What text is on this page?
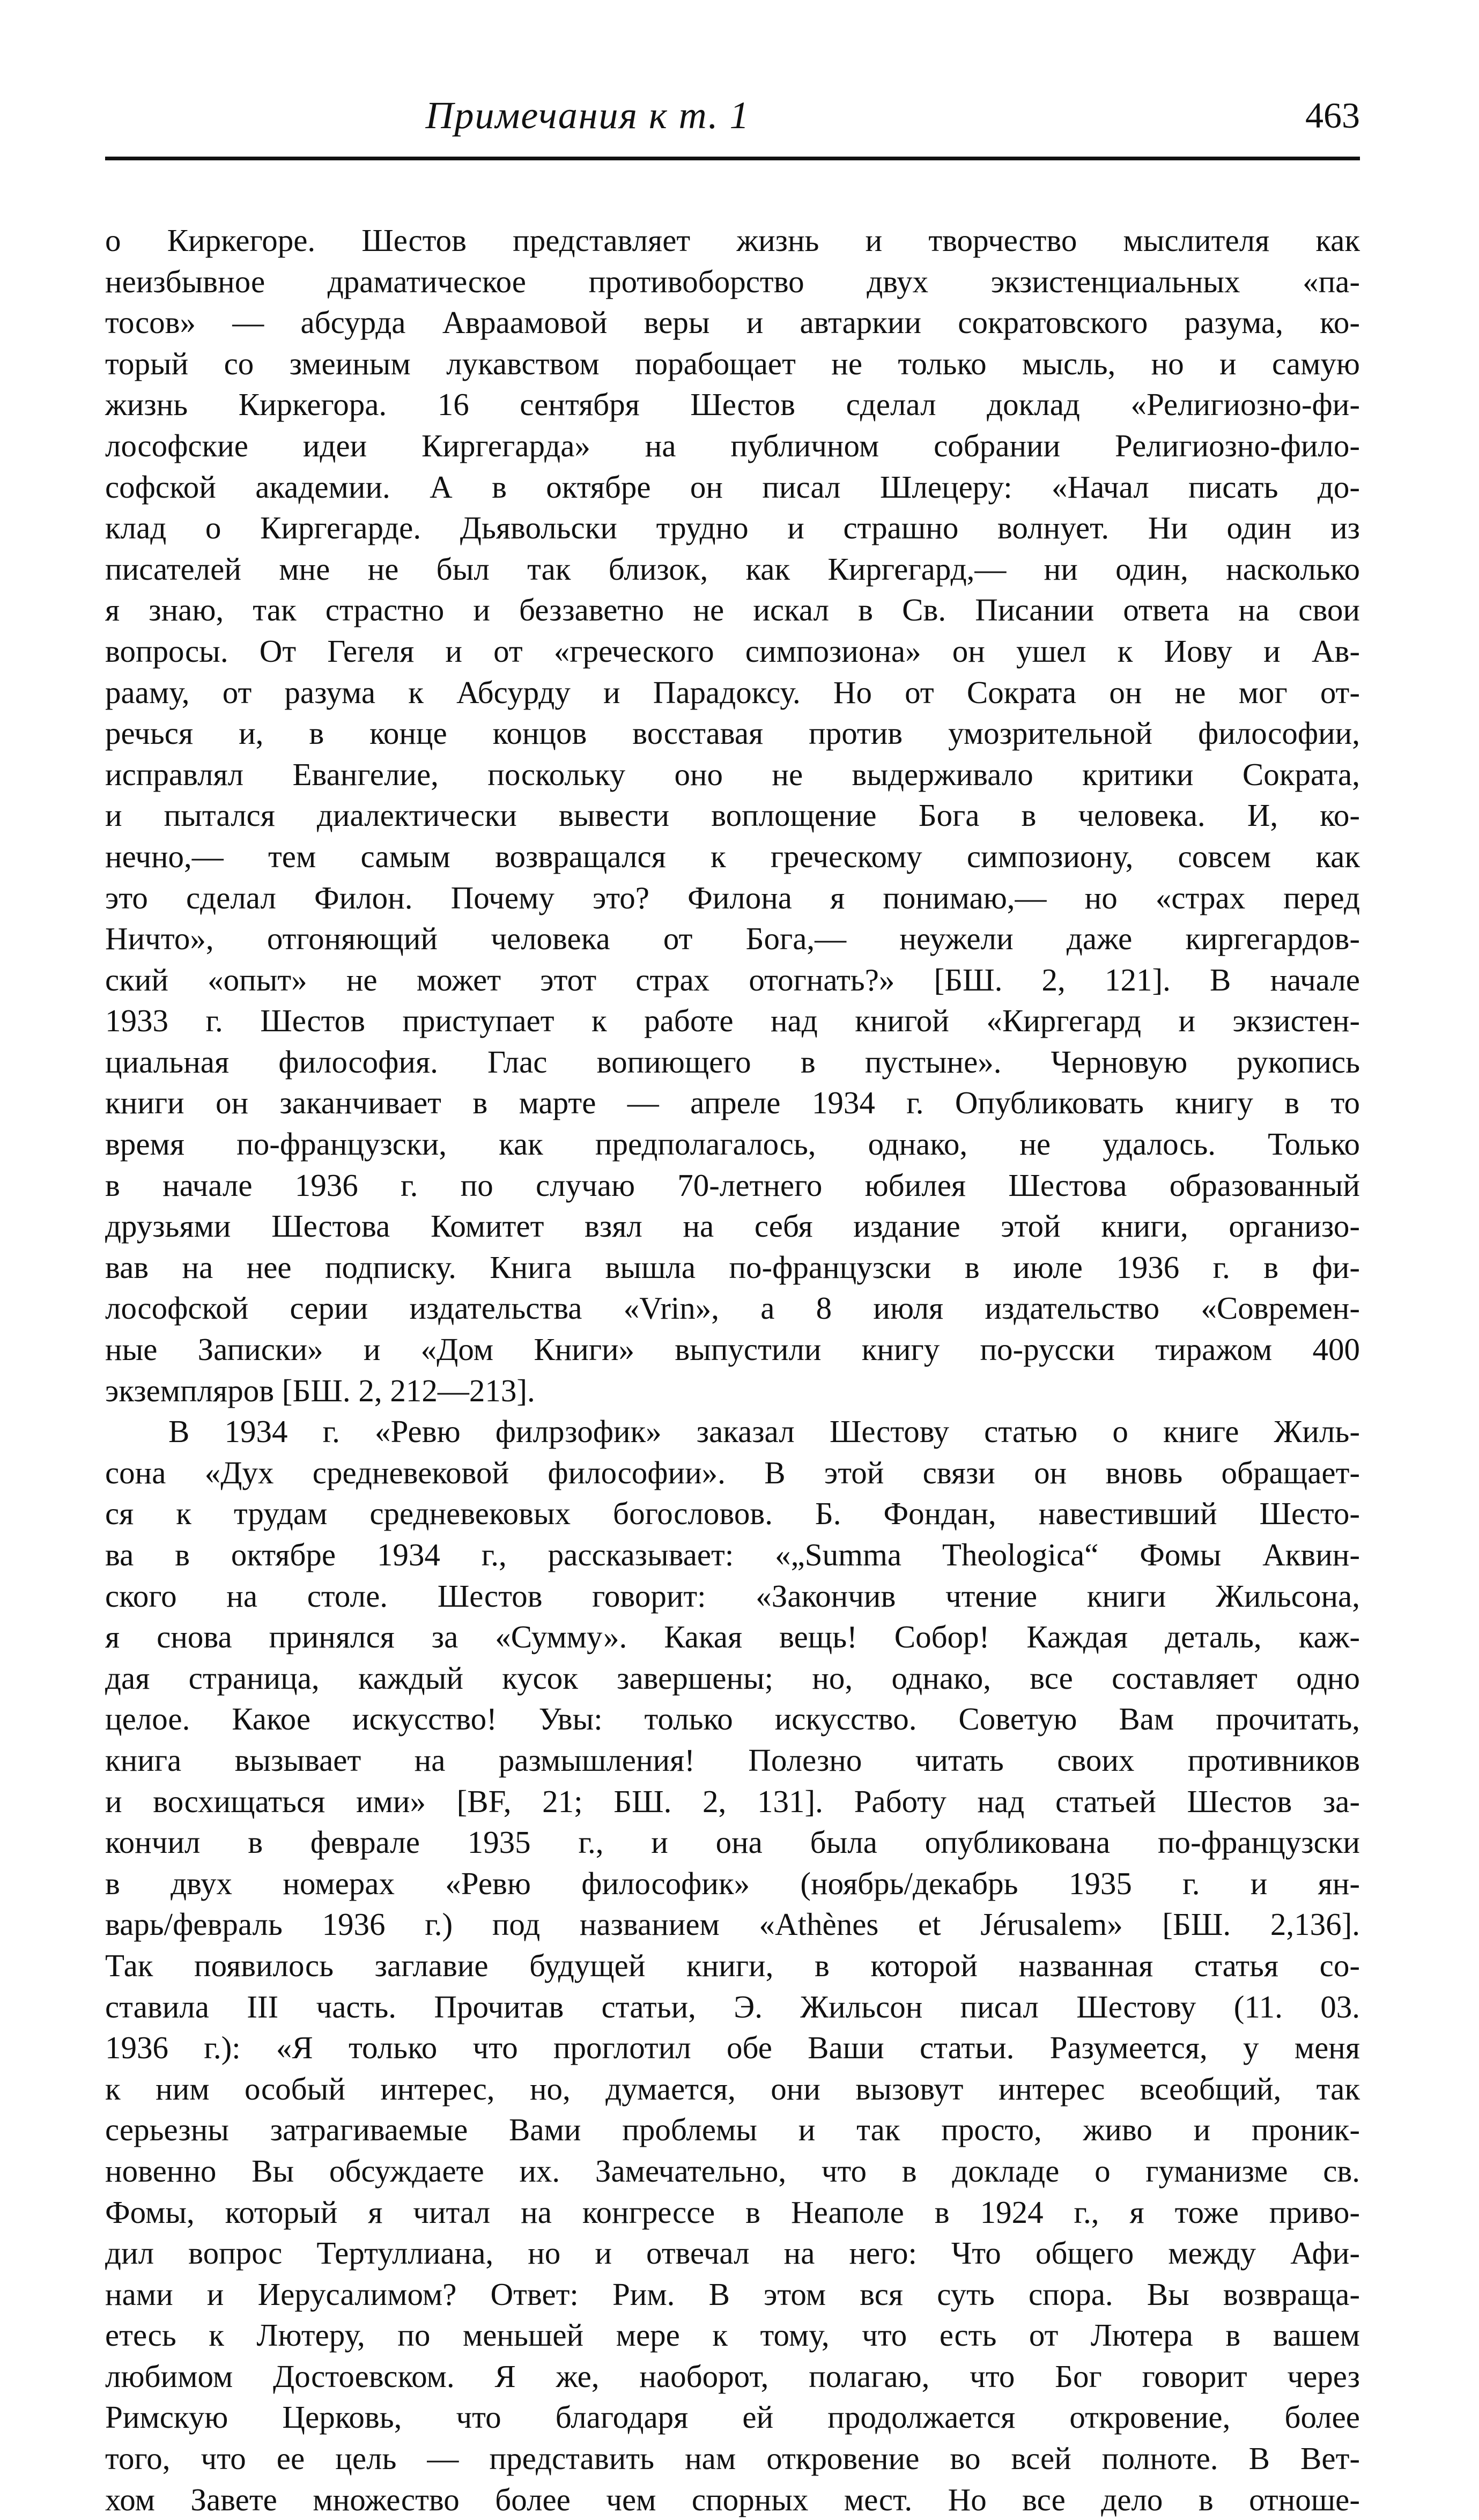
Примечания к т. 1	463
о Киркегоре. Шестов представляет жизнь и творчество мыслителя как
неизбывное драматическое противоборство двух экзистенциальных «па-
тосов» — абсурда Авраамовой веры и автаркии сократовского разума, ко-
торый со змеиным лукавством порабощает не только мысль, но и самую
жизнь Киркегора. 16 сентября Шестов сделал доклад «Религиозно-фи-
лософские идеи Киргегарда» на публичном собрании Религиозно-фило-
софской академии. А в октябре он писал Шлецеру: «Начал писать до-
клад о Киргегарде. Дьявольски трудно и страшно волнует. Ни один из
писателей мне не был так близок, как Киргегард,— ни один, насколько
я знаю, так страстно и беззаветно не искал в Св. Писании ответа на свои
вопросы. От Гегеля и от «греческого симпозиона» он ушел к Иову и Ав-
рааму, от разума к Абсурду и Парадоксу. Но от Сократа он не мог от-
речься и, в конце концов восставая против умозрительной философии,
исправлял Евангелие, поскольку оно не выдерживало критики Сократа,
и пытался диалектически вывести воплощение Бога в человека. И, ко-
нечно,— тем самым возвращался к греческому симпозиону, совсем как
это сделал Филон. Почему это? Филона я понимаю,— но «страх перед
Ничто», отгоняющий человека от Бога,— неужели даже киргегардов-
ский «опыт» не может этот страх отогнать?» [БШ. 2, 121]. В начале
1933 г. Шестов приступает к работе над книгой «Киргегард и экзистен-
циальная философия. Глас вопиющего в пустыне». Черновую рукопись
книги он заканчивает в марте — апреле 1934 г. Опубликовать книгу в то
время по-французски, как предполагалось, однако, не удалось. Только
в начале 1936 г. по случаю 70-летнего юбилея Шестова образованный
друзьями Шестова Комитет взял на себя издание этой книги, организо-
вав на нее подписку. Книга вышла по-французски в июле 1936 г. в фи-
лософской серии издательства «Vrin», а 8 июля издательство «Современ-
ные Записки» и «Дом Книги» выпустили книгу по-русски тиражом 400
экземпляров [БШ. 2, 212—213].
В 1934 г. «Ревю филрзофик» заказал Шестову статью о книге Жиль-
сона «Дух средневековой философии». В этой связи он вновь обращает-
ся к трудам средневековых богословов. Б. Фондан, навестивший Шесто-
ва в октябре 1934 г., рассказывает: «„Summa Theologica“ Фомы Аквин-
ского на столе. Шестов говорит: «Закончив чтение книги Жильсона,
я снова принялся за «Сумму». Какая вещь! Собор! Каждая деталь, каж-
дая страница, каждый кусок завершены; но, однако, все составляет одно
целое. Какое искусство! Увы: только искусство. Советую Вам прочитать,
книга вызывает на размышления! Полезно читать своих противников
и восхищаться ими» [BF, 21; БШ. 2, 131]. Работу над статьей Шестов за-
кончил в феврале 1935 г., и она была опубликована по-французски
в двух номерах «Ревю философик» (ноябрь/декабрь 1935 г. и ян-
варь/февраль 1936 г.) под названием «Athènes et Jérusalem» [БШ. 2,136].
Так появилось заглавие будущей книги, в которой названная статья со-
ставила III часть. Прочитав статьи, Э. Жильсон писал Шестову (11. 03.
1936 г.): «Я только что проглотил обе Ваши статьи. Разумеется, у меня
к ним особый интерес, но, думается, они вызовут интерес всеобщий, так
серьезны затрагиваемые Вами проблемы и так просто, живо и проник-
новенно Вы обсуждаете их. Замечательно, что в докладе о гуманизме св.
Фомы, который я читал на конгрессе в Неаполе в 1924 г., я тоже приво-
дил вопрос Тертуллиана, но и отвечал на него: Что общего между Афи-
нами и Иерусалимом? Ответ: Рим. В этом вся суть спора. Вы возвраща-
етесь к Лютеру, по меньшей мере к тому, что есть от Лютера в вашем
любимом Достоевском. Я же, наоборот, полагаю, что Бог говорит через
Римскую Церковь, что благодаря ей продолжается откровение, более
того, что ее цель — представить нам откровение во всей полноте. В Вет-
хом Завете множество более чем спорных мест. Но все дело в отноше-
